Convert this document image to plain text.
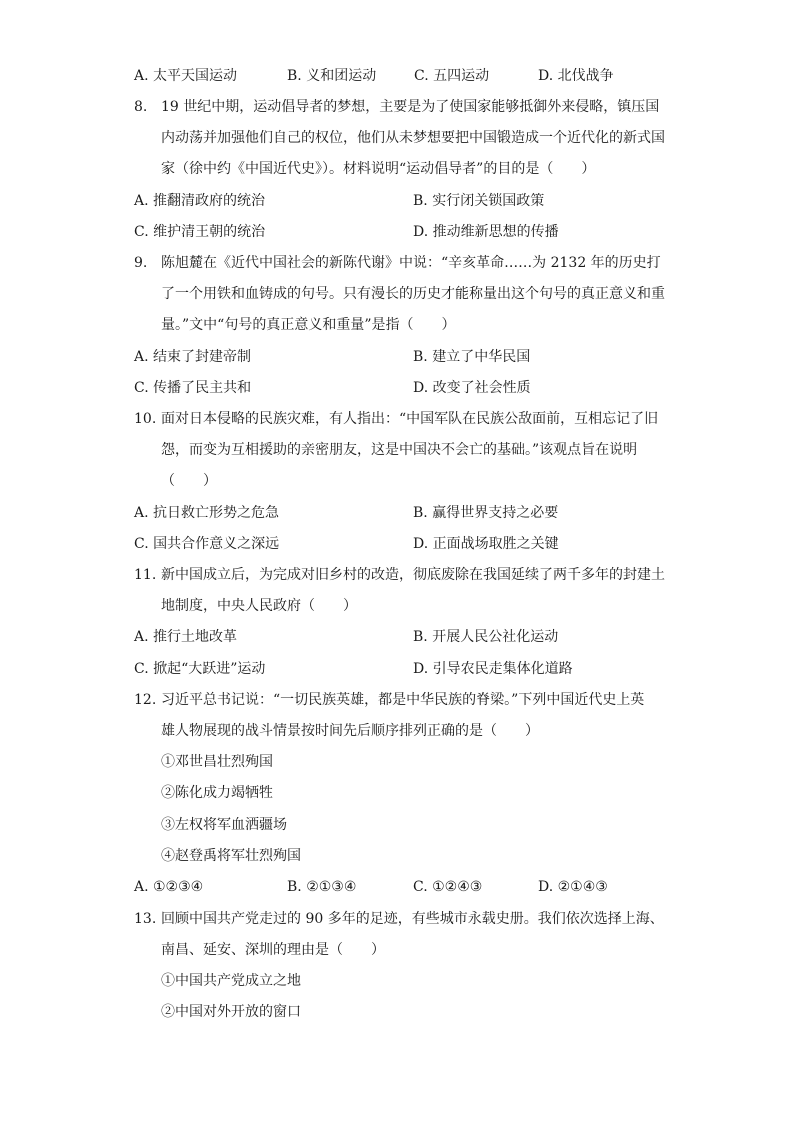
A. 太平天国运动	B. 义和团运动	C. 五四运动	D. 北伐战争
8. 19 世纪中期，运动倡导者的梦想，主要是为了使国家能够抵御外来侵略，镇压国
内动荡并加强他们自己的权位，他们从未梦想要把中国锻造成一个近代化的新式国
家（徐中约《中国近代史》）。材料说明“运动倡导者”的目的是（　　）
A. 推翻清政府的统治	B. 实行闭关锁国政策
C. 维护清王朝的统治	D. 推动维新思想的传播
9. 陈旭麓在《近代中国社会的新陈代谢》中说：“辛亥革命……为 2132 年的历史打
了一个用铁和血铸成的句号。只有漫长的历史才能称量出这个句号的真正意义和重
量。”文中“句号的真正意义和重量”是指（　　）
A. 结束了封建帝制	B. 建立了中华民国
C. 传播了民主共和	D. 改变了社会性质
10. 面对日本侵略的民族灾难，有人指出：“中国军队在民族公敌面前，互相忘记了旧
怨，而变为互相援助的亲密朋友，这是中国决不会亡的基础。”该观点旨在说明
（　　）
A. 抗日救亡形势之危急	B. 赢得世界支持之必要
C. 国共合作意义之深远	D. 正面战场取胜之关键
11. 新中国成立后，为完成对旧乡村的改造，彻底废除在我国延续了两千多年的封建土
地制度，中央人民政府（　　）
A. 推行土地改革	B. 开展人民公社化运动
C. 掀起“大跃进”运动	D. 引导农民走集体化道路
12. 习近平总书记说：“一切民族英雄，都是中华民族的脊梁。”下列中国近代史上英
雄人物展现的战斗情景按时间先后顺序排列正确的是（　　）
①邓世昌壮烈殉国
②陈化成力竭牺牲
③左权将军血洒疆场
④赵登禹将军壮烈殉国
A. ①②③④	B. ②①③④	C. ①②④③	D. ②①④③
13. 回顾中国共产党走过的 90 多年的足迹，有些城市永载史册。我们依次选择上海、
南昌、延安、深圳的理由是（　　）
①中国共产党成立之地
②中国对外开放的窗口
